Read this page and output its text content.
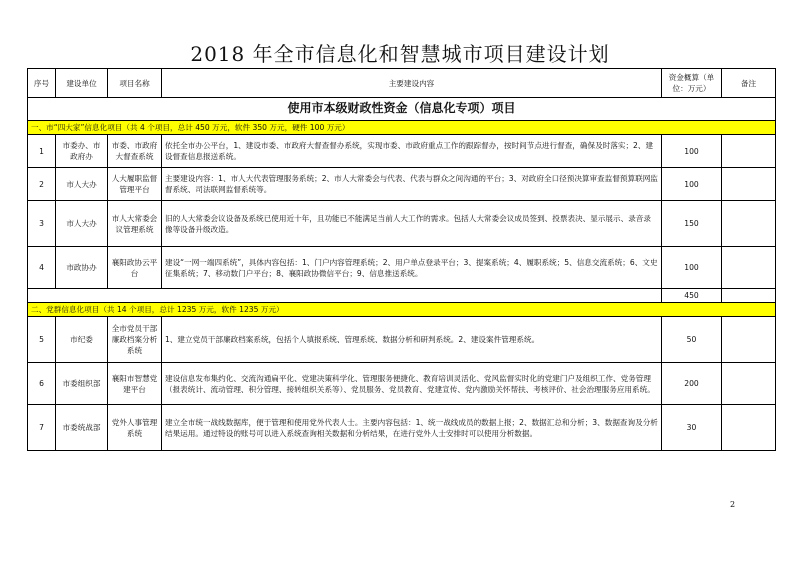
2018 年全市信息化和智慧城市项目建设计划
序号	建设单位	项目名称	主要建设内容	资金概算（单位：万元）	备注
使用市本级财政性资金（信息化专项）项目					
一、市“四大家”信息化项目（共 4 个项目，总计 450 万元，软件 350 万元，硬件 100 万元）					
1	市委办、市政府办	市委、市政府大督查系统	依托全市办公平台，1、建设市委、市政府大督查督办系统，实现市委、市政府重点工作的跟踪督办，按时间节点进行督查，确保及时落实；2、建设督查信息报送系统。	100	
2	市人大办	人大履职监督管理平台	主要建设内容：1、市人大代表管理服务系统；2、市人大常委会与代表、代表与群众之间沟通的平台；3、对政府全口径预决算审查监督预算联网监督系统、司法联网监督系统等。	100	
3	市人大办	市人大常委会议管理系统	旧的人大常委会议设备及系统已使用近十年，且功能已不能满足当前人大工作的需求。包括人大常委会议成员签到、投票表决、显示展示、录音录像等设备升级改造。	150	
4	市政协办	襄阳政协云平台	建设“一网一端四系统”，具体内容包括：1、门户内容管理系统；2、用户单点登录平台；3、提案系统；4、履职系统；5、信息交流系统；6、文史征集系统；7、移动数门户平台；8、襄阳政协微信平台；9、信息推送系统。	100	
				450	
二、党群信息化项目（共 14 个项目，总计 1235 万元，软件 1235 万元）					
5	市纪委	全市党员干部廉政档案分析系统	1、建立党员干部廉政档案系统，包括个人填报系统、管理系统、数据分析和研判系统。2、建设案件管理系统。	50	
6	市委组织部	襄阳市智慧党建平台	建设信息发布集约化、交流沟通扁平化、党建决策科学化、管理服务便捷化、教育培训灵活化、党风监督实时化的党建门户及组织工作、党务管理（报表统计、流动管理、积分管理、接转组织关系等）、党员服务、党员教育、党建宣传、党内激励关怀帮扶、考核评价、社会治理服务应用系统。	200	
7	市委统战部	党外人事管理系统	建立全市统一战线数据库，便于管理和使用党外代表人士。主要内容包括：1、统一战线成员的数据上报；2、数据汇总和分析；3、数据查询及分析结果运用。通过特设的账号可以进入系统查询相关数据和分析结果，在进行党外人士安排时可以使用分析数据。	30	
2
